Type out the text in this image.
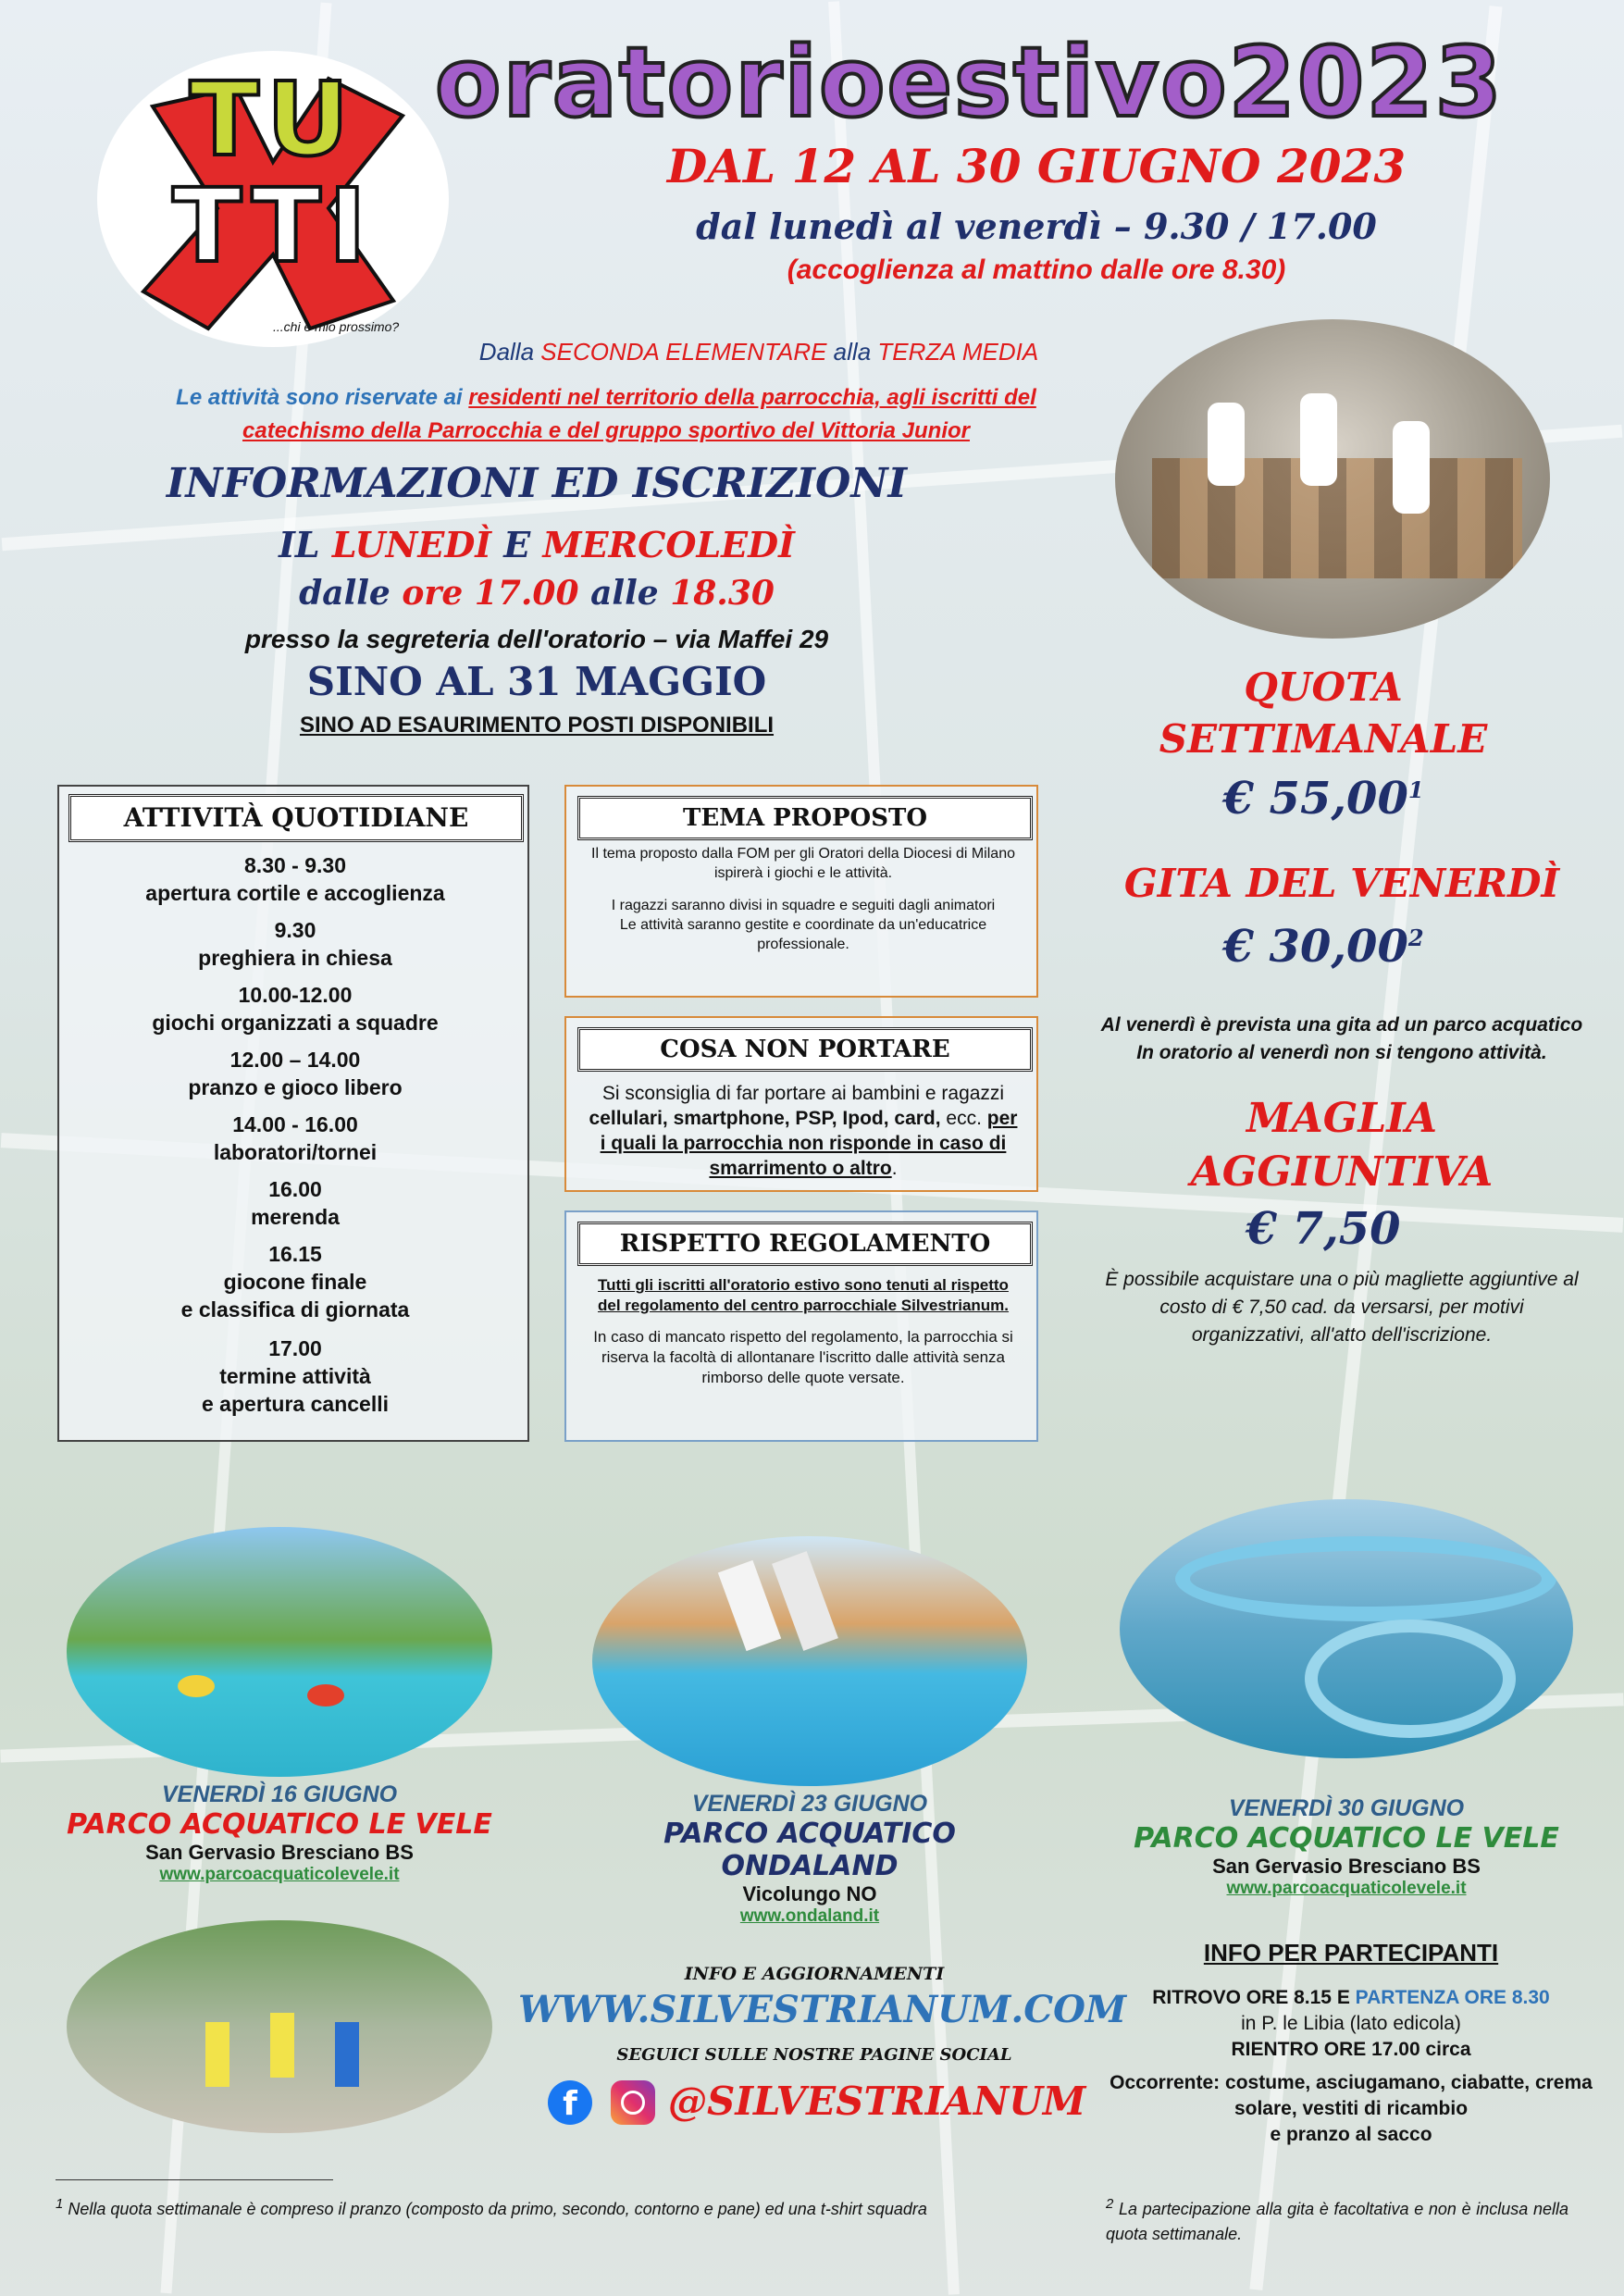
TU
TTI
...chi è mio prossimo?
oratorioestivo2023
DAL 12 AL 30 GIUGNO 2023
dal lunedì al venerdì – 9.30 / 17.00
(accoglienza al mattino dalle ore 8.30)
Dalla SECONDA ELEMENTARE alla TERZA MEDIA
Le attività sono riservate ai residenti nel territorio della parrocchia, agli iscritti del catechismo della Parrocchia e del gruppo sportivo del Vittoria Junior
INFORMAZIONI ED ISCRIZIONI
IL LUNEDÌ E MERCOLEDÌ
dalle ore 17.00 alle 18.30
presso la segreteria dell'oratorio – via Maffei 29
SINO AL 31 MAGGIO
SINO AD ESAURIMENTO POSTI DISPONIBILI
QUOTA
SETTIMANALE
€ 55,00$^1$
GITA DEL VENERDÌ
€ 30,00$^2$
Al venerdì è prevista una gita ad un parco acquatico
In oratorio al venerdì non si tengono attività.
MAGLIA
AGGIUNTIVA
€ 7,50
È possibile acquistare una o più magliette aggiuntive al costo di € 7,50 cad. da versarsi, per motivi organizzativi, all'atto dell'iscrizione.
ATTIVITÀ QUOTIDIANE
8.30 - 9.30
apertura cortile e accoglienza
9.30
preghiera in chiesa
10.00-12.00
giochi organizzati a squadre
12.00 – 14.00
pranzo e gioco libero
14.00 - 16.00
laboratori/tornei
16.00
merenda
16.15
giocone finale
e classifica di giornata
17.00
termine attività
e apertura cancelli
TEMA PROPOSTO
Il tema proposto dalla FOM per gli Oratori della Diocesi di Milano ispirerà i giochi e le attività.
I ragazzi saranno divisi in squadre e seguiti dagli animatori
Le attività saranno gestite e coordinate da un'educatrice professionale.
COSA NON PORTARE
Si sconsiglia di far portare ai bambini e ragazzi cellulari, smartphone, PSP, Ipod, card, ecc. per i quali la parrocchia non risponde in caso di smarrimento o altro.
RISPETTO REGOLAMENTO
Tutti gli iscritti all'oratorio estivo sono tenuti al rispetto del regolamento del centro parrocchiale Silvestrianum.
In caso di mancato rispetto del regolamento, la parrocchia si riserva la facoltà di allontanare l'iscritto dalle attività senza rimborso delle quote versate.
VENERDÌ 16 GIUGNO
PARCO ACQUATICO LE VELE
San Gervasio Bresciano BS
www.parcoacquaticolevele.it
VENERDÌ 23 GIUGNO
PARCO ACQUATICO ONDALAND
Vicolungo NO
www.ondaland.it
VENERDÌ 30 GIUGNO
PARCO ACQUATICO LE VELE
San Gervasio Bresciano BS
www.parcoacquaticolevele.it
INFO E AGGIORNAMENTI
WWW.SILVESTRIANUM.COM
SEGUICI SULLE NOSTRE PAGINE SOCIAL
f	@SILVESTRIANUM
INFO PER PARTECIPANTI
RITROVO ORE 8.15 E PARTENZA ORE 8.30
in P. le Libia (lato edicola)
RIENTRO ORE 17.00 circa
Occorrente: costume, asciugamano, ciabatte, crema solare, vestiti di ricambio
e pranzo al sacco
$^1$ Nella quota settimanale è compreso il pranzo (composto da primo, secondo, contorno e pane) ed una t-shirt squadra	$^2$ La partecipazione alla gita è facoltativa e non è inclusa nella quota settimanale.
